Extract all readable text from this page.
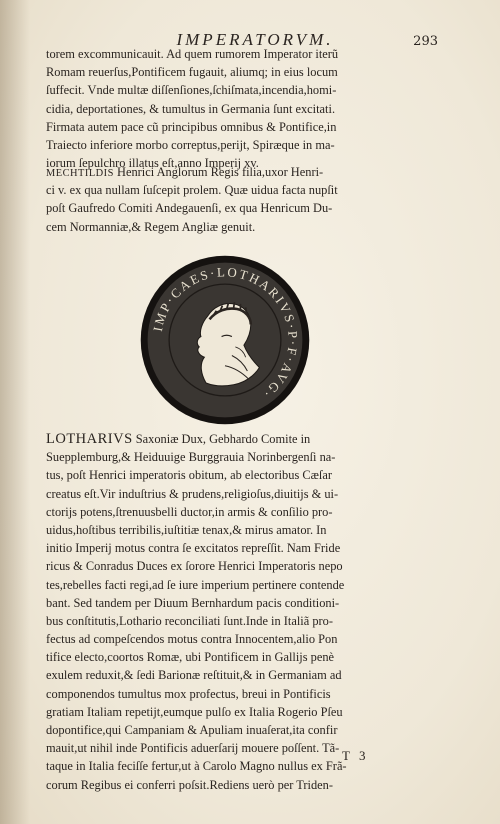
IMPERATORVM.	293
torem excommunicauit. Ad quem rumorem Imperator iterũ
Romam reuerſus,Pontificem fugauit, aliumq; in eius locum
ſuffecit. Vnde multæ diſſenſiones,ſchiſmata,incendia,homi-
cidia, deportationes, & tumultus in Germania ſunt excitati.
Firmata autem pace cũ principibus omnibus & Pontifice,in
Traiecto inferiore morbo correptus,perijt, Spiræque in ma-
iorum ſepulchro illatus eſt,anno Imperij xv.
MECHTILDIS Henrici Anglorum Regis filia,uxor Henri-
ci v. ex qua nullam ſuſcepit prolem. Quæ uidua facta nupſit
poſt Gaufredo Comiti Andegauenſi, ex qua Henricum Du-
cem Normanniæ,& Regem Angliæ genuit.
IMP·CAES·LOTHARIVS·P·F·AVG·
LOTHARIVS Saxoniæ Dux, Gebhardo Comite in
Suepplemburg,& Heiduuige Burggrauia Norinbergenſi na-
tus, poſt Henrici imperatoris obitum, ab electoribus Cæſar
creatus eſt.Vir induſtrius & prudens,religioſus,diuitijs & ui-
ctorijs potens,ſtrenuusbelli ductor,in armis & conſilio pro-
uidus,hoſtibus terribilis,iuſtitiæ tenax,& mirus amator. In
initio Imperij motus contra ſe excitatos repreſſit. Nam Fride
ricus & Conradus Duces ex ſorore Henrici Imperatoris nepo
tes,rebelles facti regi,ad ſe iure imperium pertinere contende
bant. Sed tandem per Diuum Bernhardum pacis conditioni-
bus conſtitutis,Lothario reconciliati ſunt.Inde in Italiã pro-
fectus ad compeſcendos motus contra Innocentem,alio Pon
tifice electo,coortos Romæ, ubi Pontificem in Gallijs penè
exulem reduxit,& ſedi Barionæ reſtituit,& in Germaniam ad
componendos tumultus mox profectus, breui in Pontificis
gratiam Italiam repetijt,eumque pulſo ex Italia Rogerio Pſeu
dopontifice,qui Campaniam & Apuliam inuaſerat,ita confir
mauit,ut nihil inde Pontificis aduerſarij mouere poſſent. Tã-
taque in Italia feciſſe fertur,ut à Carolo Magno nullus ex Frã-
corum Regibus ei conferri poſsit.Rediens uerò per Triden-
T 3
